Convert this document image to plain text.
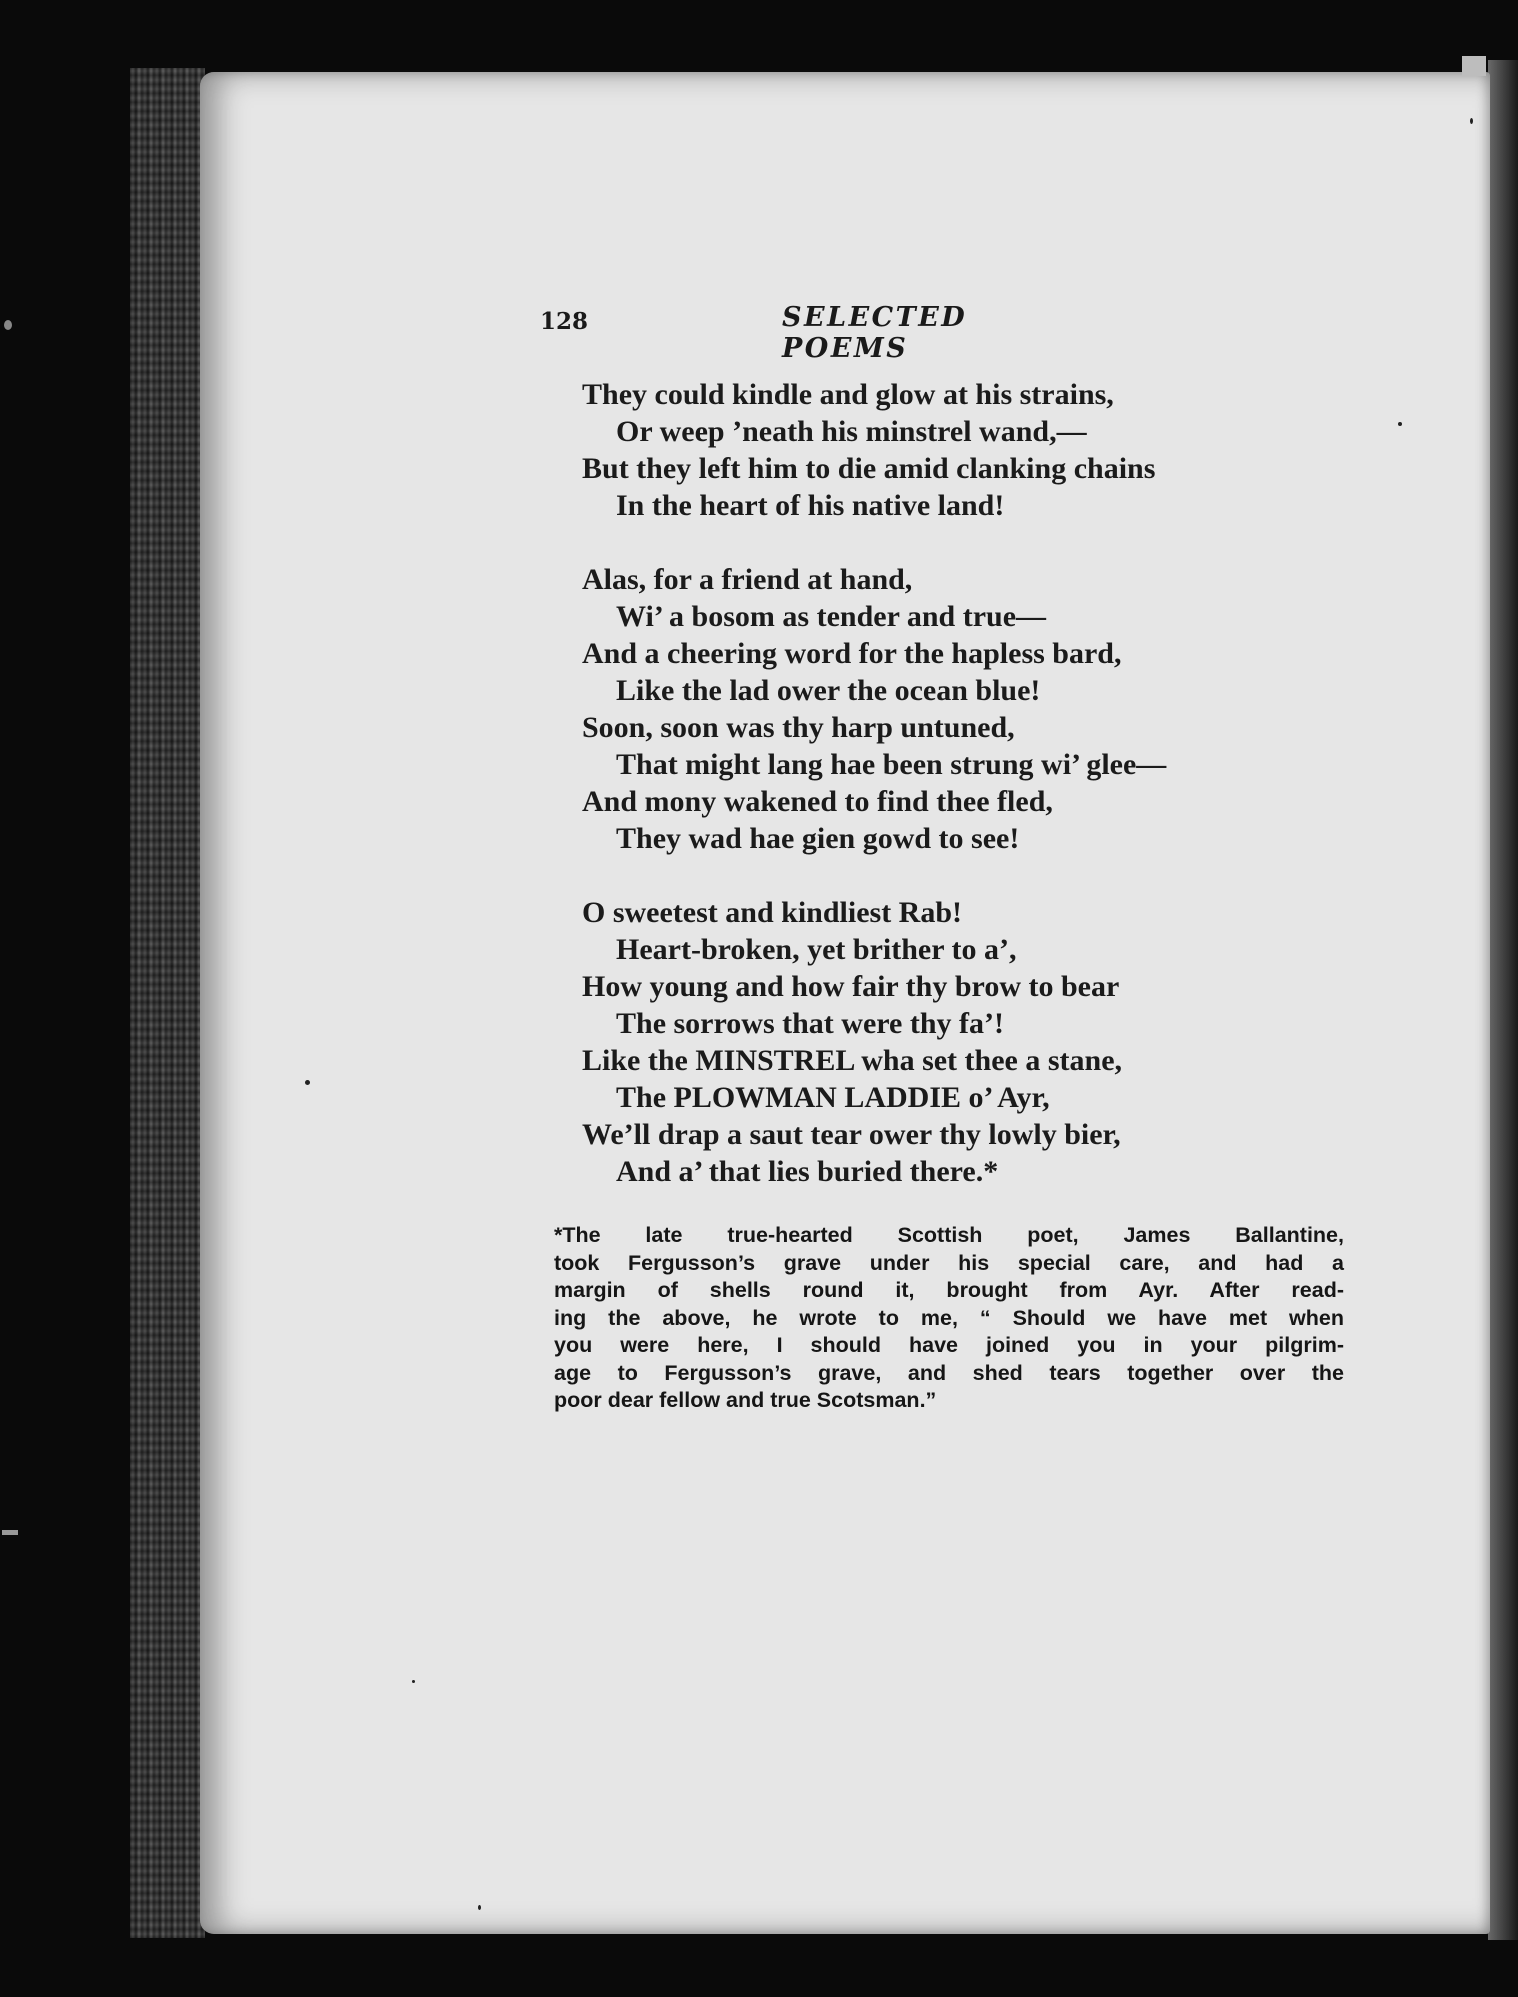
128	SELECTED POEMS
They could kindle and glow at his strains,
Or weep ’neath his minstrel wand,—
But they left him to die amid clanking chains
In the heart of his native land!
Alas, for a friend at hand,
Wi’ a bosom as tender and true—
And a cheering word for the hapless bard,
Like the lad ower the ocean blue!
Soon, soon was thy harp untuned,
That might lang hae been strung wi’ glee—
And mony wakened to find thee fled,
They wad hae gien gowd to see!
O sweetest and kindliest Rab!
Heart-broken, yet brither to a’,
How young and how fair thy brow to bear
The sorrows that were thy fa’!
Like the MINSTREL wha set thee a stane,
The PLOWMAN LADDIE o’ Ayr,
We’ll drap a saut tear ower thy lowly bier,
And a’ that lies buried there.*
*The late true-hearted Scottish poet, James Ballantine,
took Fergusson’s grave under his special care, and had a
margin of shells round it, brought from Ayr. After read-
ing the above, he wrote to me, “ Should we have met when
you were here, I should have joined you in your pilgrim-
age to Fergusson’s grave, and shed tears together over the
poor dear fellow and true Scotsman.”
